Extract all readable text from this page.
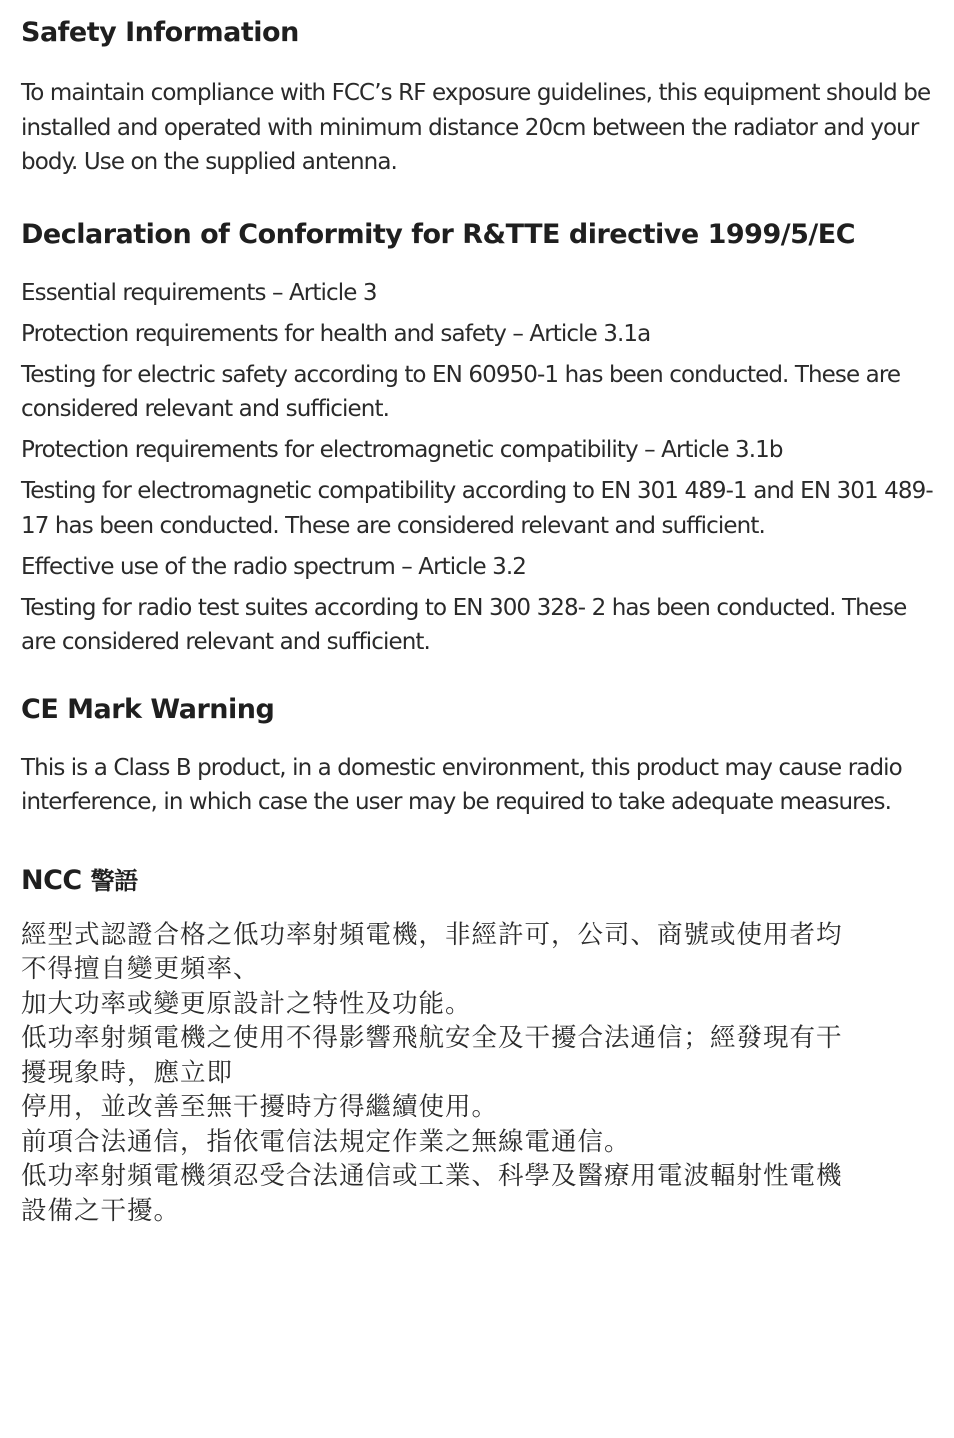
Safety Information

To maintain compliance with FCC’s RF exposure guidelines, this equipment should be installed and operated with minimum distance 20cm between the radiator and your body. Use on the supplied antenna.

Declaration of Conformity for R&TTE directive 1999/5/EC

Essential requirements – Article 3

Protection requirements for health and safety – Article 3.1a

Testing for electric safety according to EN 60950-1 has been conducted. These are considered relevant and sufficient.

Protection requirements for electromagnetic compatibility – Article 3.1b

Testing for electromagnetic compatibility according to EN 301 489-1 and EN 301 489-17 has been conducted. These are considered relevant and sufficient.

Effective use of the radio spectrum – Article 3.2

Testing for radio test suites according to EN 300 328- 2 has been conducted. These are considered relevant and sufficient.

CE Mark Warning

This is a Class B product, in a domestic environment, this product may cause radio interference, in which case the user may be required to take adequate measures.

NCC 警語

經型式認證合格之低功率射頻電機，非經許可，公司、商號或使用者均

不得擅自變更頻率、

加大功率或變更原設計之特性及功能。

低功率射頻電機之使用不得影響飛航安全及干擾合法通信；經發現有干

擾現象時，應立即

停用，並改善至無干擾時方得繼續使用。

前項合法通信，指依電信法規定作業之無線電通信。

低功率射頻電機須忍受合法通信或工業、科學及醫療用電波輻射性電機

設備之干擾。
